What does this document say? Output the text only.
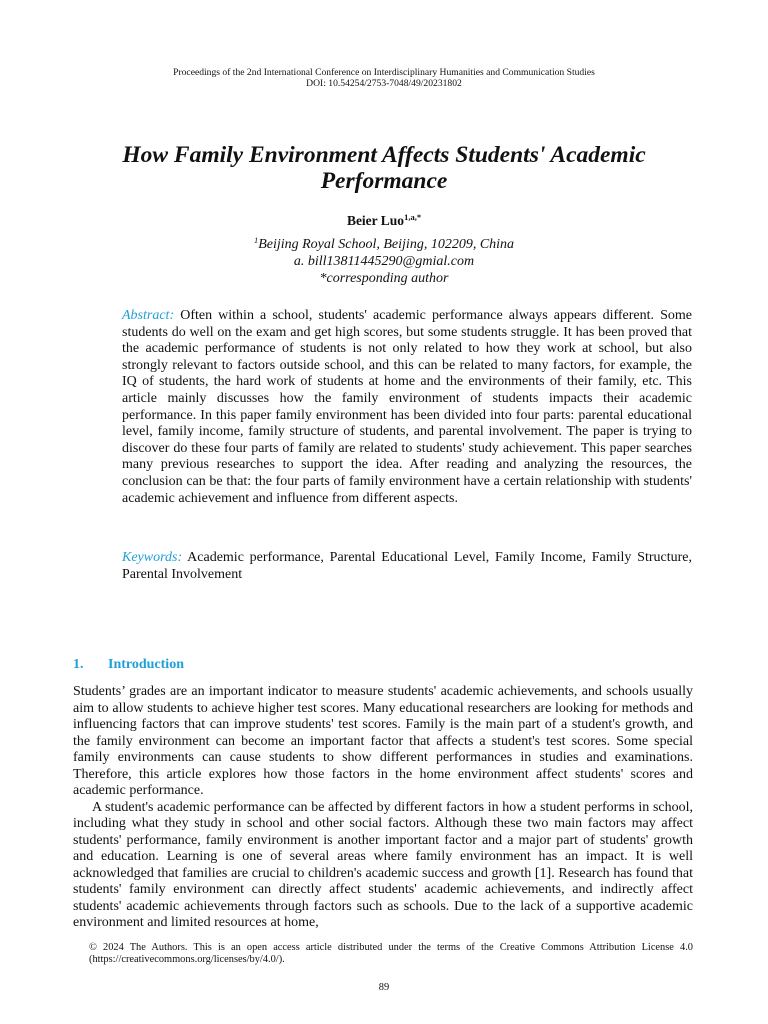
Proceedings of the 2nd International Conference on Interdisciplinary Humanities and Communication Studies
DOI: 10.54254/2753-7048/49/20231802
How Family Environment Affects Students' Academic Performance
Beier Luo$^{1,a,*}$
$^1$Beijing Royal School, Beijing, 102209, China
a. bill13811445290@gmial.com
*corresponding author

Abstract: Often within a school, students' academic performance always appears different. Some students do well on the exam and get high scores, but some students struggle. It has been proved that the academic performance of students is not only related to how they work at school, but also strongly relevant to factors outside school, and this can be related to many factors, for example, the IQ of students, the hard work of students at home and the environments of their family, etc. This article mainly discusses how the family environment of students impacts their academic performance. In this paper family environment has been divided into four parts: parental educational level, family income, family structure of students, and parental involvement. The paper is trying to discover do these four parts of family are related to students' study achievement. This paper searches many previous researches to support the idea. After reading and analyzing the resources, the conclusion can be that: the four parts of family environment have a certain relationship with students' academic achievement and influence from different aspects.

Keywords: Academic performance, Parental Educational Level, Family Income, Family Structure, Parental Involvement

1. Introduction

Students’ grades are an important indicator to measure students' academic achievements, and schools usually aim to allow students to achieve higher test scores. Many educational researchers are looking for methods and influencing factors that can improve students' test scores. Family is the main part of a student's growth, and the family environment can become an important factor that affects a student's test scores. Some special family environments can cause students to show different performances in studies and examinations. Therefore, this article explores how those factors in the home environment affect students' scores and academic performance.

A student's academic performance can be affected by different factors in how a student performs in school, including what they study in school and other social factors. Although these two main factors may affect students' performance, family environment is another important factor and a major part of students' growth and education. Learning is one of several areas where family environment has an impact. It is well acknowledged that families are crucial to children's academic success and growth [1]. Research has found that students' family environment can directly affect students' academic achievements, and indirectly affect students' academic achievements through factors such as schools. Due to the lack of a supportive academic environment and limited resources at home,

© 2024 The Authors. This is an open access article distributed under the terms of the Creative Commons Attribution License 4.0 (https://creativecommons.org/licenses/by/4.0/).

89
